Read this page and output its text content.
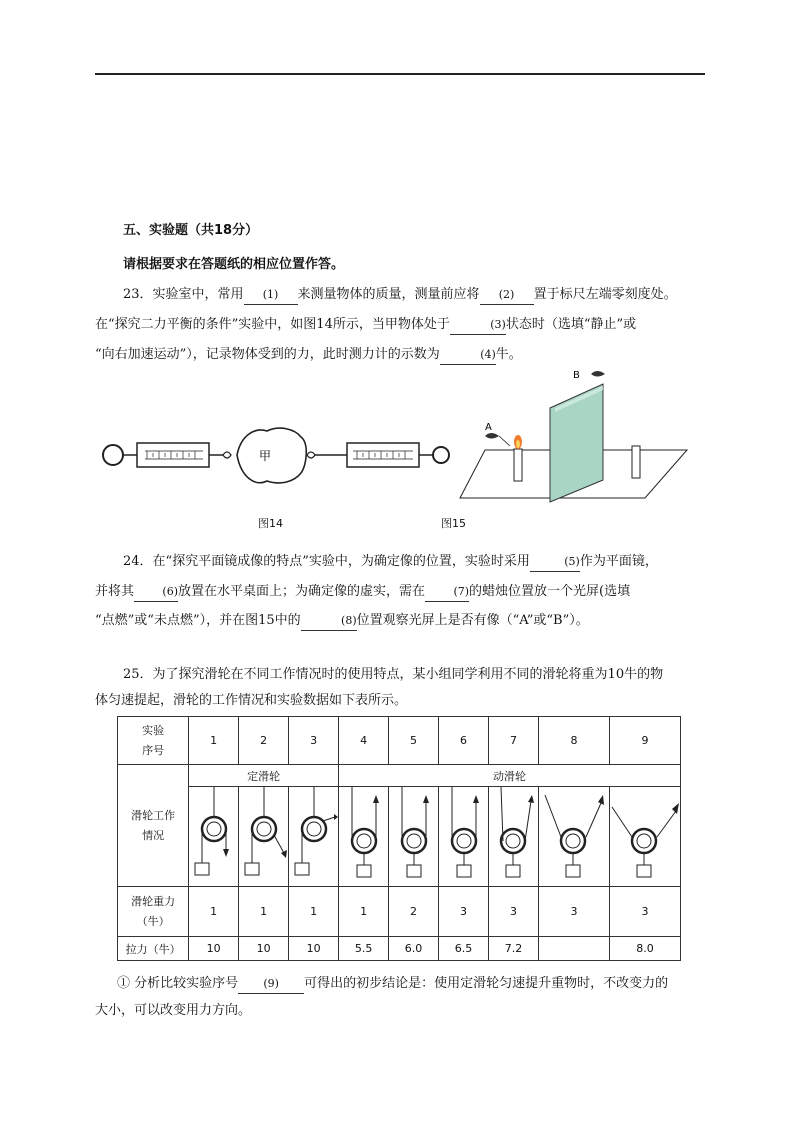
五、实验题（共18分）
请根据要求在答题纸的相应位置作答。
23．实验室中，常用 (1) 来测量物体的质量，测量前应将 (2) 置于标尺左端零刻度处。
在“探究二力平衡的条件”实验中，如图14所示，当甲物体处于	(3)状态时（选填“静止”或
“向右加速运动”），记录物体受到的力，此时测力计的示数为	(4)牛。
甲
图14
A
B
图15
24．在“探究平面镜成像的特点”实验中，为确定像的位置，实验时采用	(5)作为平面镜，
并将其	(6)放置在水平桌面上；为确定像的虚实，需在	(7)的蜡烛位置放一个光屏(选填
“点燃”或“未点燃”），并在图15中的	(8)位置观察光屏上是否有像（“A”或“B”）。
25．为了探究滑轮在不同工作情况时的使用特点，某小组同学利用不同的滑轮将重为10牛的物
体匀速提起，滑轮的工作情况和实验数据如下表所示。
实验
序号	1	2	3	4	5	6	7	8	9

滑轮工作
情况	定滑轮			动滑轮					

滑轮重力
（牛）	1	1	1	1	2	3	3	3	3
拉力（牛）	10	10	10	5.5	6.0	6.5	7.2		8.0
① 分析比较实验序号 (9) 可得出的初步结论是：使用定滑轮匀速提升重物时，不改变力的
大小，可以改变用力方向。
